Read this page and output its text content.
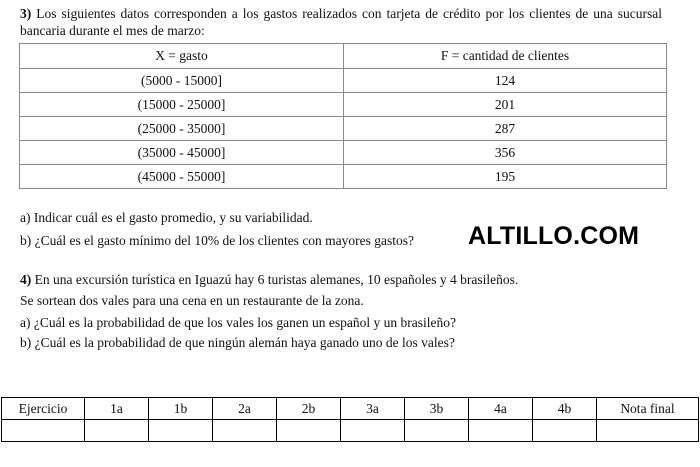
3) Los siguientes datos corresponden a los gastos realizados con tarjeta de crédito por los clientes de una sucursal bancaria durante el mes de marzo:
X = gasto	F = cantidad de clientes
(5000 - 15000]	124
(15000 - 25000]	201
(25000 - 35000]	287
(35000 - 45000]	356
(45000 - 55000]	195
a) Indicar cuál es el gasto promedio, y su variabilidad.
b) ¿Cuál es el gasto mínimo del 10% de los clientes con mayores gastos? ALTILLO.COM
4) En una excursión turística en Iguazú hay 6 turistas alemanes, 10 españoles y 4 brasileños.
Se sortean dos vales para una cena en un restaurante de la zona.
a) ¿Cuál es la probabilidad de que los vales los ganen un español y un brasileño?
b) ¿Cuál es la probabilidad de que ningún alemán haya ganado uno de los vales?
Ejercicio	1a	1b	2a	2b	3a	3b	4a	4b	Nota final
